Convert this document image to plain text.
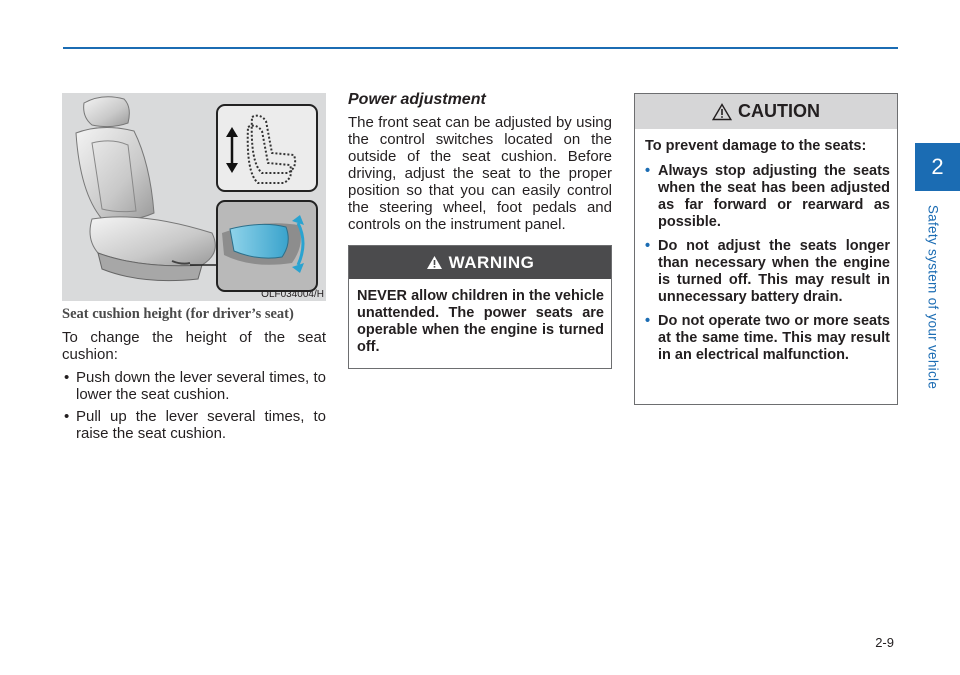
OLF034004/H
Seat cushion height (for driver’s seat)
To change the height of the seat cushion:
• Push down the lever several times, to lower the seat cushion.
• Pull up the lever several times, to raise the seat cushion.
Power adjustment
The front seat can be adjusted by using the control switches located on the outside of the seat cushion. Before driving, adjust the seat to the proper position so that you can easily control the steering wheel, foot pedals and controls on the instrument panel.
WARNING
NEVER allow children in the vehicle unattended. The power seats are operable when the engine is turned off.
CAUTION
To prevent damage to the seats:
• Always stop adjusting the seats when the seat has been adjusted as far forward or rearward as possible.
• Do not adjust the seats longer than necessary when the engine is turned off. This may result in unnecessary battery drain.
• Do not operate two or more seats at the same time. This may result in an electrical malfunction.
2
Safety system of your vehicle
2-9
